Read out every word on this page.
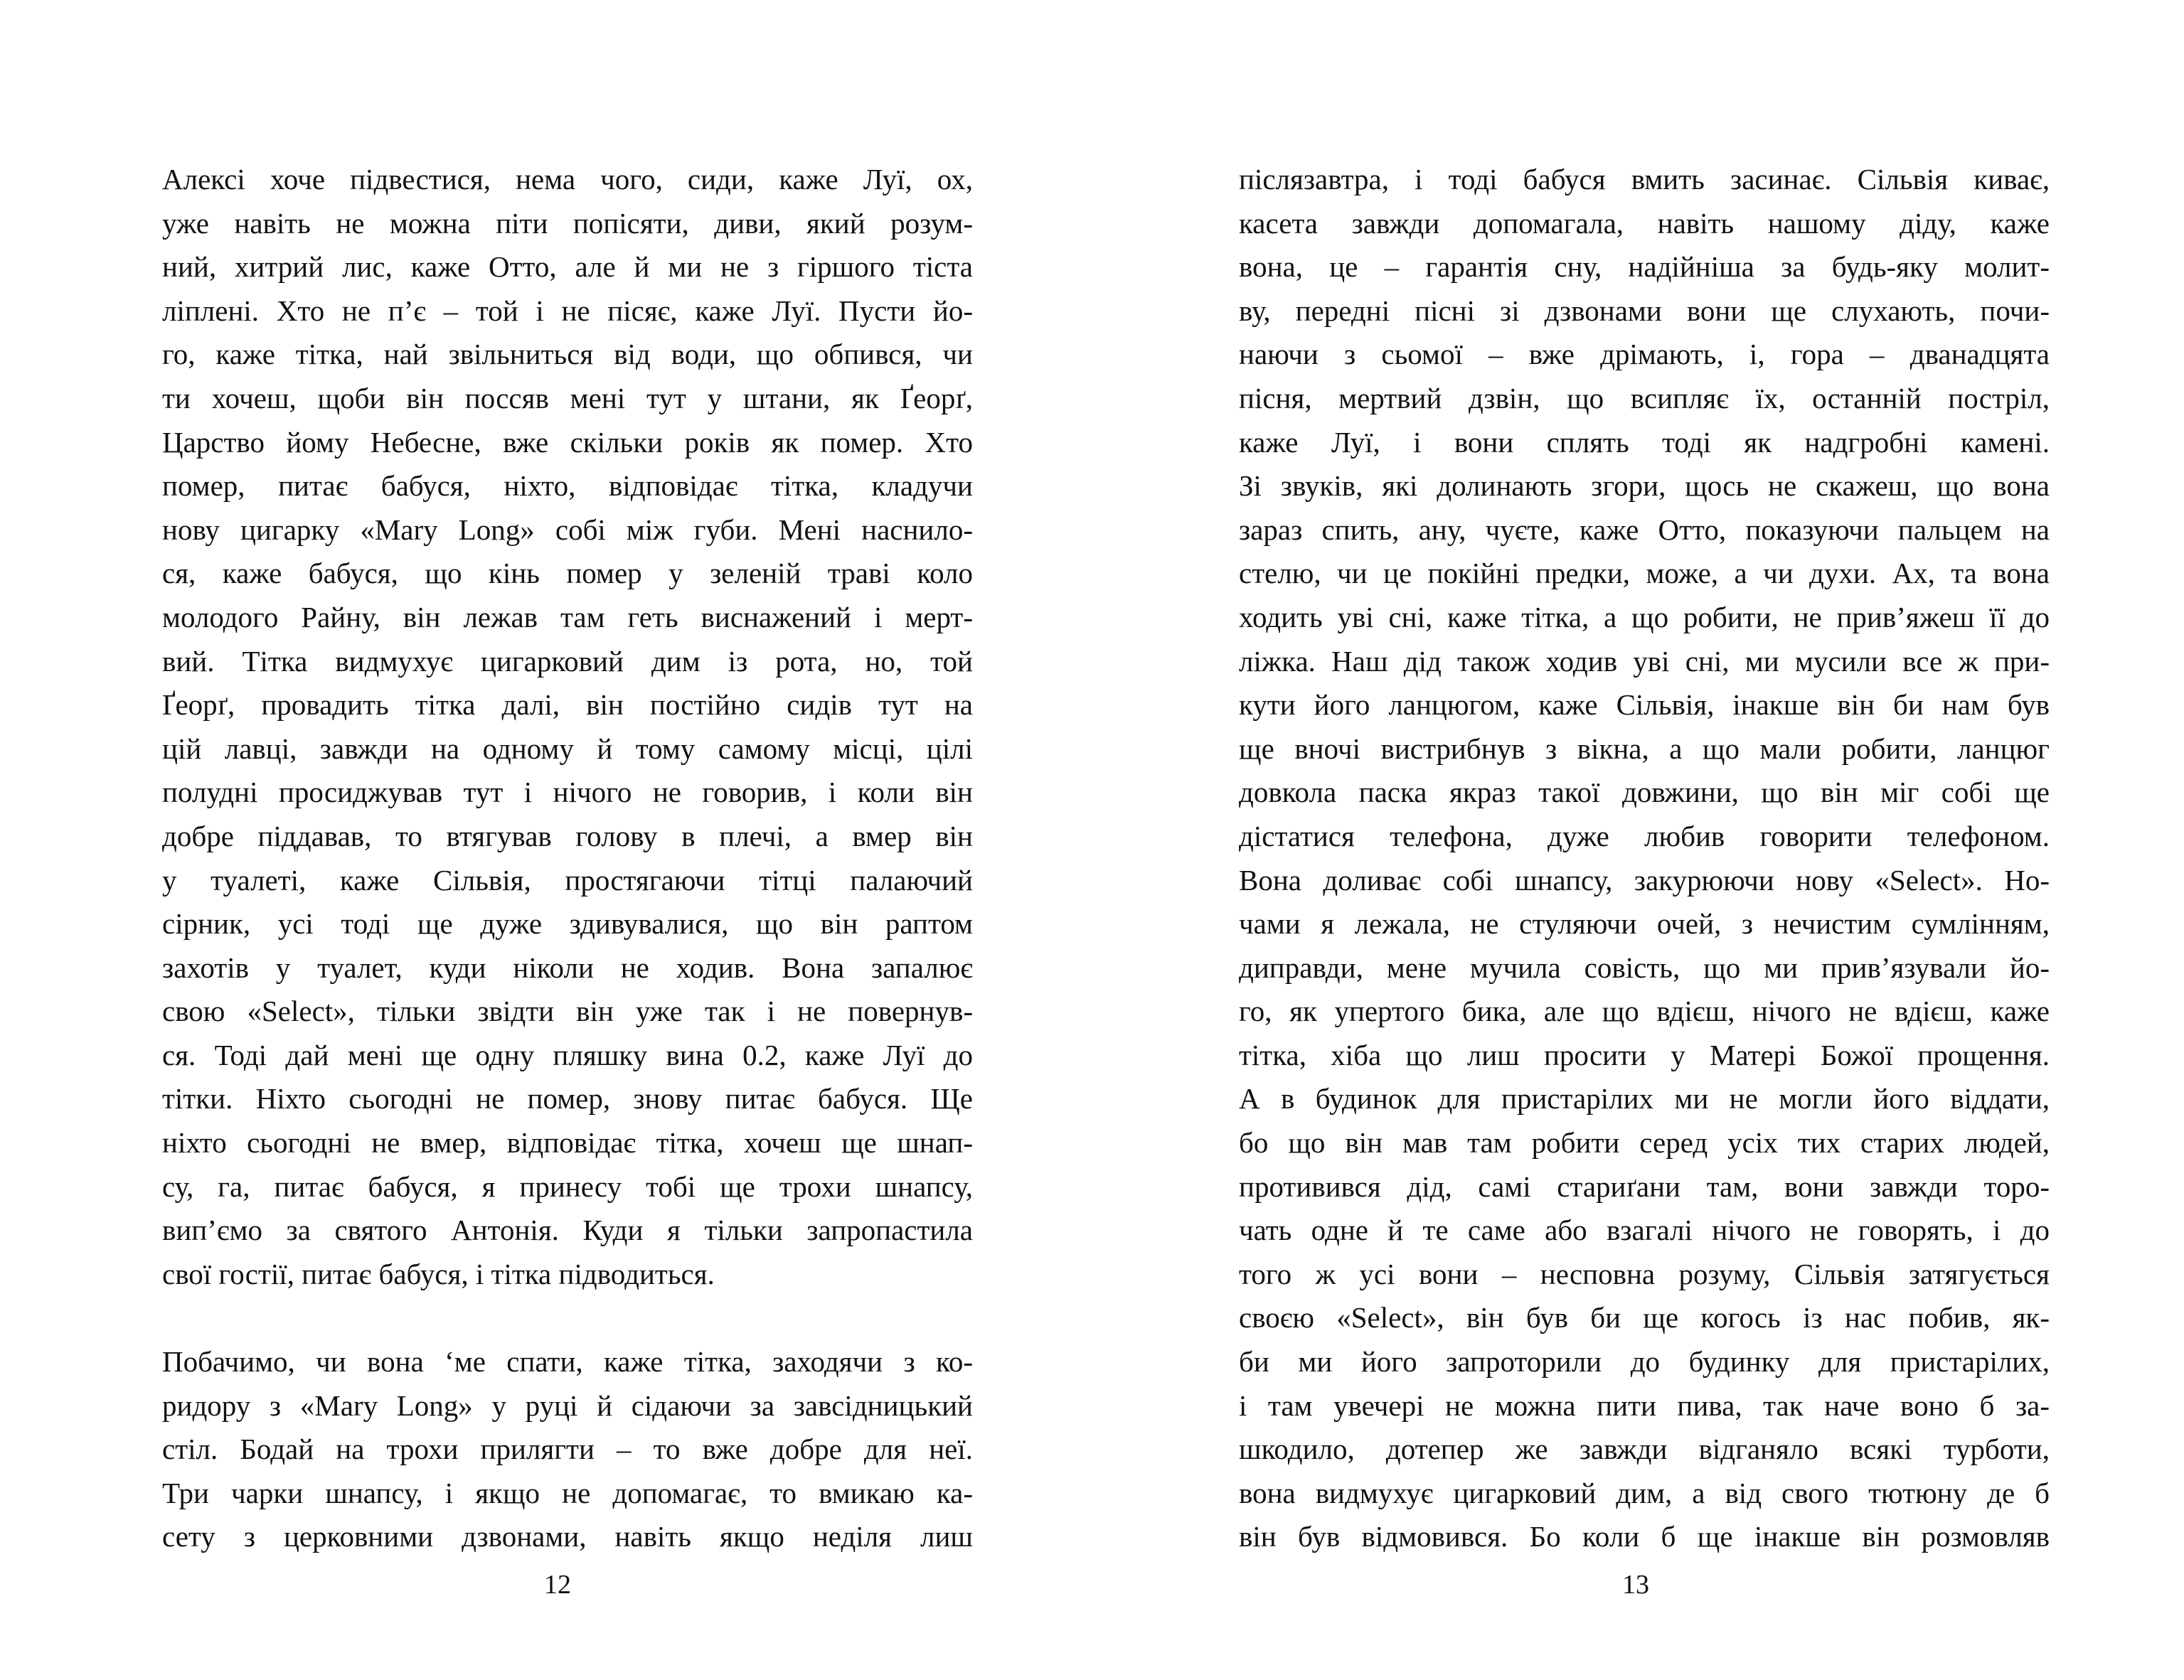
Алексі хоче підвестися, нема чого, сиди, каже Луї, ох,
уже навіть не можна піти попісяти, диви, який розум-
ний, хитрий лис, каже Отто, але й ми не з гіршого тіста
ліплені. Хто не п’є – той і не пісяє, каже Луї. Пусти йо-
го, каже тітка, най звільниться від води, що обпився, чи
ти хочеш, щоби він поссяв мені тут у штани, як Ґеорґ,
Царство йому Небесне, вже скільки років як помер. Хто
помер, питає бабуся, ніхто, відповідає тітка, кладучи
нову цигарку «Mary Long» собі між губи. Мені наснило-
ся, каже бабуся, що кінь помер у зеленій траві коло
молодого Райну, він лежав там геть виснажений і мерт-
вий. Тітка видмухує цигарковий дим із рота, но, той
Ґеорґ, провадить тітка далі, він постійно сидів тут на
цій лавці, завжди на одному й тому самому місці, цілі
полудні просиджував тут і нічого не говорив, і коли він
добре піддавав, то втягував голову в плечі, а вмер він
у туалеті, каже Сільвія, простягаючи тітці палаючий
сірник, усі тоді ще дуже здивувалися, що він раптом
захотів у туалет, куди ніколи не ходив. Вона запалює
свою «Select», тільки звідти він уже так і не повернув-
ся. Тоді дай мені ще одну пляшку вина 0.2, каже Луї до
тітки. Ніхто сьогодні не помер, знову питає бабуся. Ще
ніхто сьогодні не вмер, відповідає тітка, хочеш ще шнап-
су, га, питає бабуся, я принесу тобі ще трохи шнапсу,
вип’ємо за святого Антонія. Куди я тільки запропастила
свої гостії, питає бабуся, і тітка підводиться.
Побачимо, чи вона ‘ме спати, каже тітка, заходячи з ко-
ридору з «Mary Long» у руці й сідаючи за завсідницький
стіл. Бодай на трохи прилягти – то вже добре для неї.
Три чарки шнапсу, і якщо не допомагає, то вмикаю ка-
сету з церковними дзвонами, навіть якщо неділя лиш
12
післязавтра, і тоді бабуся вмить засинає. Сільвія киває,
касета завжди допомагала, навіть нашому діду, каже
вона, це – гарантія сну, надійніша за будь-яку молит-
ву, передні пісні зі дзвонами вони ще слухають, почи-
наючи з сьомої – вже дрімають, і, гора – дванадцята
пісня, мертвий дзвін, що всипляє їх, останній постріл,
каже Луї, і вони сплять тоді як надгробні камені.
Зі звуків, які долинають згори, щось не скажеш, що вона
зараз спить, ану, чуєте, каже Отто, показуючи пальцем на
стелю, чи це покійні предки, може, а чи духи. Ах, та вона
ходить уві сні, каже тітка, а що робити, не прив’яжеш її до
ліжка. Наш дід також ходив уві сні, ми мусили все ж при-
кути його ланцюгом, каже Сільвія, інакше він би нам був
ще вночі вистрибнув з вікна, а що мали робити, ланцюг
довкола паска якраз такої довжини, що він міг собі ще
дістатися телефона, дуже любив говорити телефоном.
Вона доливає собі шнапсу, закурюючи нову «Select». Но-
чами я лежала, не стуляючи очей, з нечистим сумлінням,
диправди, мене мучила совість, що ми прив’язували йо-
го, як упертого бика, але що вдієш, нічого не вдієш, каже
тітка, хіба що лиш просити у Матері Божої прощення.
А в будинок для пристарілих ми не могли його віддати,
бо що він мав там робити серед усіх тих старих людей,
противився дід, самі стариґани там, вони завжди торо-
чать одне й те саме або взагалі нічого не говорять, і до
того ж усі вони – несповна розуму, Сільвія затягується
своєю «Select», він був би ще когось із нас побив, як-
би ми його запроторили до будинку для пристарілих,
і там увечері не можна пити пива, так наче воно б за-
шкодило, дотепер же завжди відганяло всякі турботи,
вона видмухує цигарковий дим, а від свого тютюну де б
він був відмовився. Бо коли б ще інакше він розмовляв
13
